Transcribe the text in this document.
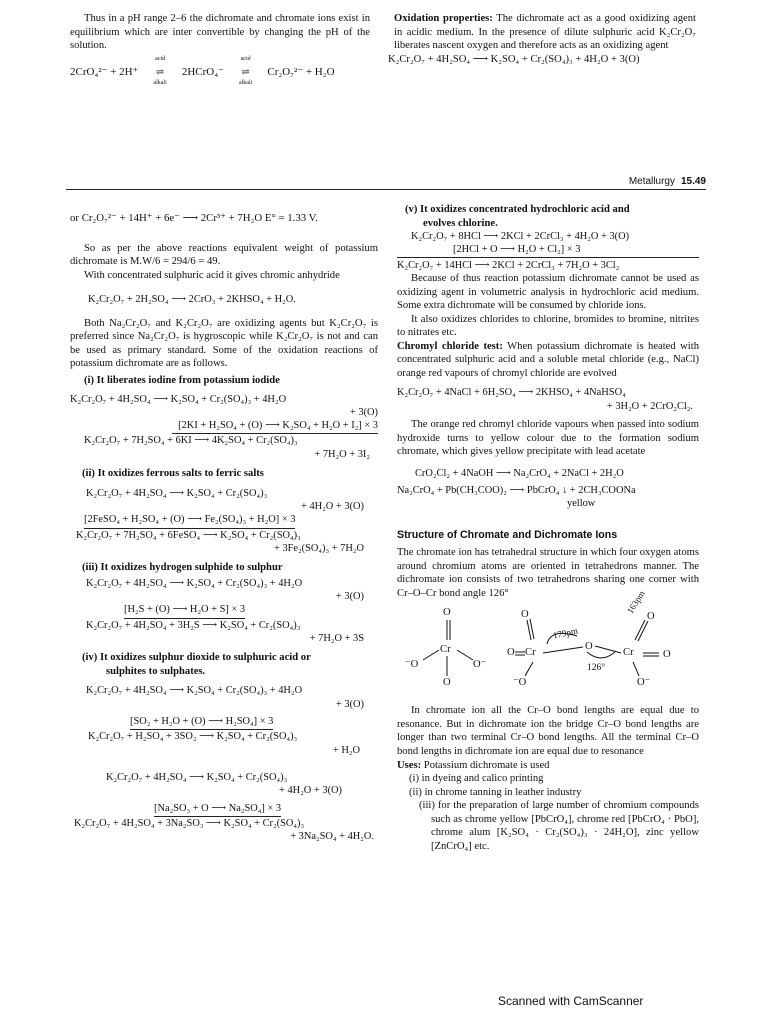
Thus in a pH range 2–6 the dichromate and chromate ions exist in equilibrium which are inter convertible by changing the pH of the solution.

2CrO₄²⁻ + 2H⁺
acid
⇌
alkali
2HCrO₄⁻
acid
⇌
alkali
Cr₂O₇²⁻ + H₂O

Oxidation properties: The dichromate act as a good oxidizing agent in acidic medium. In the presence of dilute sulphuric acid K₂Cr₂O₇ liberates nascent oxygen and therefore acts as an oxidizing agent

K₂Cr₂O₇ + 4H₂SO₄ ⟶ K₂SO₄ + Cr₂(SO₄)₃ + 4H₂O + 3(O)
Metallurgy 15.49
or Cr₂O₇²⁻ + 14H⁺ + 6e⁻ ⟶ 2Cr³⁺ + 7H₂O E° = 1.33 V.

So as per the above reactions equivalent weight of potassium dichromate is M.W/6 = 294/6 = 49.

With concentrated sulphuric acid it gives chromic anhydride

K₂Cr₂O₇ + 2H₂SO₄ ⟶ 2CrO₃ + 2KHSO₄ + H₂O.

Both Na₂Cr₂O₇ and K₂Cr₂O₇ are oxidizing agents but K₂Cr₂O₇ is preferred since Na₂Cr₂O₇ is hygroscopic while K₂Cr₂O₇ is not and can be used as primary standard. Some of the oxidation reactions of potassium dichromate are as follows.

(i) It liberates iodine from potassium iodide

K₂Cr₂O₇ + 4H₂SO₄ ⟶ K₂SO₄ + Cr₂(SO₄)₃ + 4H₂O
+ 3(O)
[2KI + H₂SO₄ + (O) ⟶ K₂SO₄ + H₂O + I₂] × 3
K₂Cr₂O₇ + 7H₂SO₄ + 6KI ⟶ 4K₂SO₄ + Cr₂(SO₄)₃
+ 7H₂O + 3I₂

(ii) It oxidizes ferrous salts to ferric salts

K₂Cr₂O₇ + 4H₂SO₄ ⟶ K₂SO₄ + Cr₂(SO₄)₃
+ 4H₂O + 3(O)
[2FeSO₄ + H₂SO₄ + (O) ⟶ Fe₂(SO₄)₃ + H₂O] × 3
K₂Cr₂O₇ + 7H₂SO₄ + 6FeSO₄ ⟶ K₂SO₄ + Cr₂(SO₄)₃
+ 3Fe₂(SO₄)₃ + 7H₂O

(iii) It oxidizes hydrogen sulphide to sulphur

K₂Cr₂O₇ + 4H₂SO₄ ⟶ K₂SO₄ + Cr₂(SO₄)₃ + 4H₂O
+ 3(O)
[H₂S + (O) ⟶ H₂O + S] × 3
K₂Cr₂O₇ + 4H₂SO₄ + 3H₂S ⟶ K₂SO₄ + Cr₂(SO₄)₃
+ 7H₂O + 3S

(iv) It oxidizes sulphur dioxide to sulphuric acid or
sulphites to sulphates.

K₂Cr₂O₇ + 4H₂SO₄ ⟶ K₂SO₄ + Cr₂(SO₄)₃ + 4H₂O
+ 3(O)
[SO₂ + H₂O + (O) ⟶ H₂SO₄] × 3
K₂Cr₂O₇ + H₂SO₄ + 3SO₂ ⟶ K₂SO₄ + Cr₂(SO₄)₃
+ H₂O
K₂Cr₂O₇ + 4H₂SO₄ ⟶ K₂SO₄ + Cr₂(SO₄)₃
+ 4H₂O + 3(O)
[Na₂SO₃ + O ⟶ Na₂SO₄] × 3
K₂Cr₂O₇ + 4H₂SO₄ + 3Na₂SO₃ ⟶ K₂SO₄ + Cr₂(SO₄)₃
+ 3Na₂SO₄ + 4H₂O.

(v) It oxidizes concentrated hydrochloric acid and
evolves chlorine.

K₂Cr₂O₇ + 8HCl ⟶ 2KCl + 2CrCl₃ + 4H₂O + 3(O)
[2HCl + O ⟶ H₂O + Cl₂] × 3
K₂Cr₂O₇ + 14HCl ⟶ 2KCl + 2CrCl₃ + 7H₂O + 3Cl₂

Because of thus reaction potassium dichromate cannot be used as oxidizing agent in volumetric analysis in hydrochloric acid medium. Some extra dichromate will be consumed by chloride ions.

It also oxidizes chlorides to chlorine, bromides to bromine, nitrites to nitrates etc.

Chromyl chloride test: When potassium dichromate is heated with concentrated sulphuric acid and a soluble metal chloride (e.g., NaCl) orange red vapours of chromyl chloride are evolved

K₂Cr₂O₇ + 4NaCl + 6H₂SO₄ ⟶ 2KHSO₄ + 4NaHSO₄
+ 3H₂O + 2CrO₂Cl₂.

The orange red chromyl chloride vapours when passed into sodium hydroxide turns to yellow colour due to the formation sodium chromate, which gives yellow precipitate with lead acetate

CrO₂Cl₂ + 4NaOH ⟶ Na₂CrO₄ + 2NaCl + 2H₂O
Na₂CrO₄ + Pb(CH₃COO)₂ ⟶ PbCrO₄ ↓ + 2CH₃COONa
yellow

Structure of Chromate and Dichromate Ions

The chromate ion has tetrahedral structure in which four oxygen atoms around chromium atoms are oriented in tetrahedrons manner. The dichromate ion consists of two tetrahedrons sharing one corner with Cr–O–Cr bond angle 126°

O
Cr
O
⁻O	O⁻
O
O Cr
⁻O
O
179pm
126°
O
163pm
Cr	O
O⁻

In chromate ion all the Cr–O bond lengths are equal due to resonance. But in dichromate ion the bridge Cr–O bond lengths are longer than two terminal Cr–O bond lengths. All the terminal Cr–O bond lengths in dichromate ion are equal due to resonance

Uses: Potassium dichromate is used

(i) in dyeing and calico printing
(ii) in chrome tanning in leather industry
(iii) for the preparation of large number of chromium compounds such as chrome yellow [PbCrO₄], chrome red [PbCrO₄ · PbO], chrome alum [K₂SO₄ · Cr₂(SO₄)₃ · 24H₂O], zinc yellow [ZnCrO₄] etc.
Scanned with CamScanner
